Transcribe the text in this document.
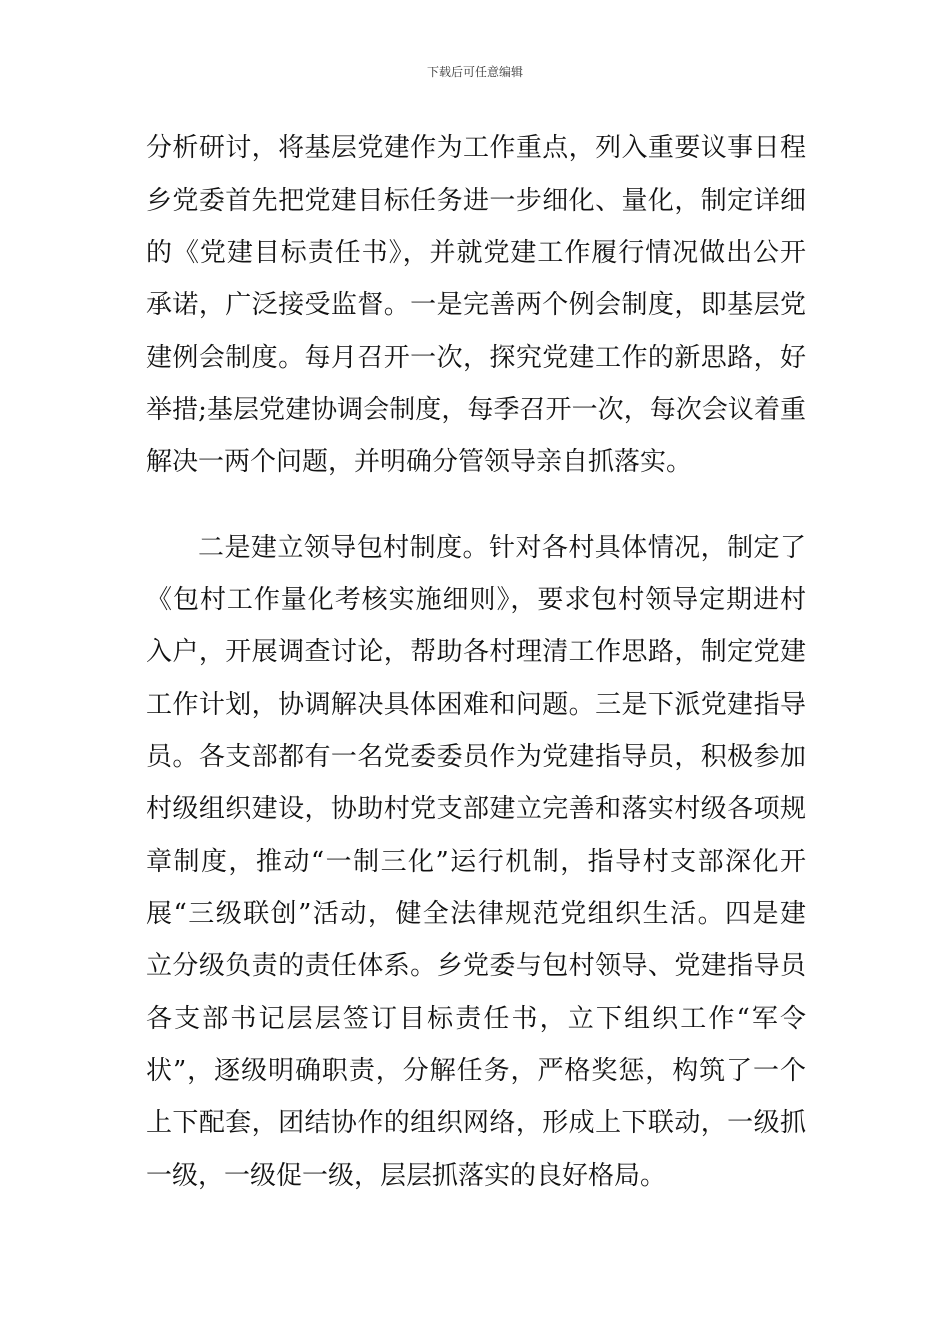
下载后可任意编辑
分析研讨，将基层党建作为工作重点，列入重要议事日程
乡党委首先把党建目标任务进一步细化、量化，制定详细
的《党建目标责任书》，并就党建工作履行情况做出公开
承诺，广泛接受监督。一是完善两个例会制度，即基层党
建例会制度。每月召开一次，探究党建工作的新思路，好
举措;基层党建协调会制度，每季召开一次，每次会议着重
解决一两个问题，并明确分管领导亲自抓落实。
二是建立领导包村制度。针对各村具体情况，制定了
《包村工作量化考核实施细则》，要求包村领导定期进村
入户，开展调查讨论，帮助各村理清工作思路，制定党建
工作计划，协调解决具体困难和问题。三是下派党建指导
员。各支部都有一名党委委员作为党建指导员，积极参加
村级组织建设，协助村党支部建立完善和落实村级各项规
章制度，推动“一制三化”运行机制，指导村支部深化开
展“三级联创”活动，健全法律规范党组织生活。四是建
立分级负责的责任体系。乡党委与包村领导、党建指导员
各支部书记层层签订目标责任书，立下组织工作“军令
状”，逐级明确职责，分解任务，严格奖惩，构筑了一个
上下配套，团结协作的组织网络，形成上下联动，一级抓
一级，一级促一级，层层抓落实的良好格局。
